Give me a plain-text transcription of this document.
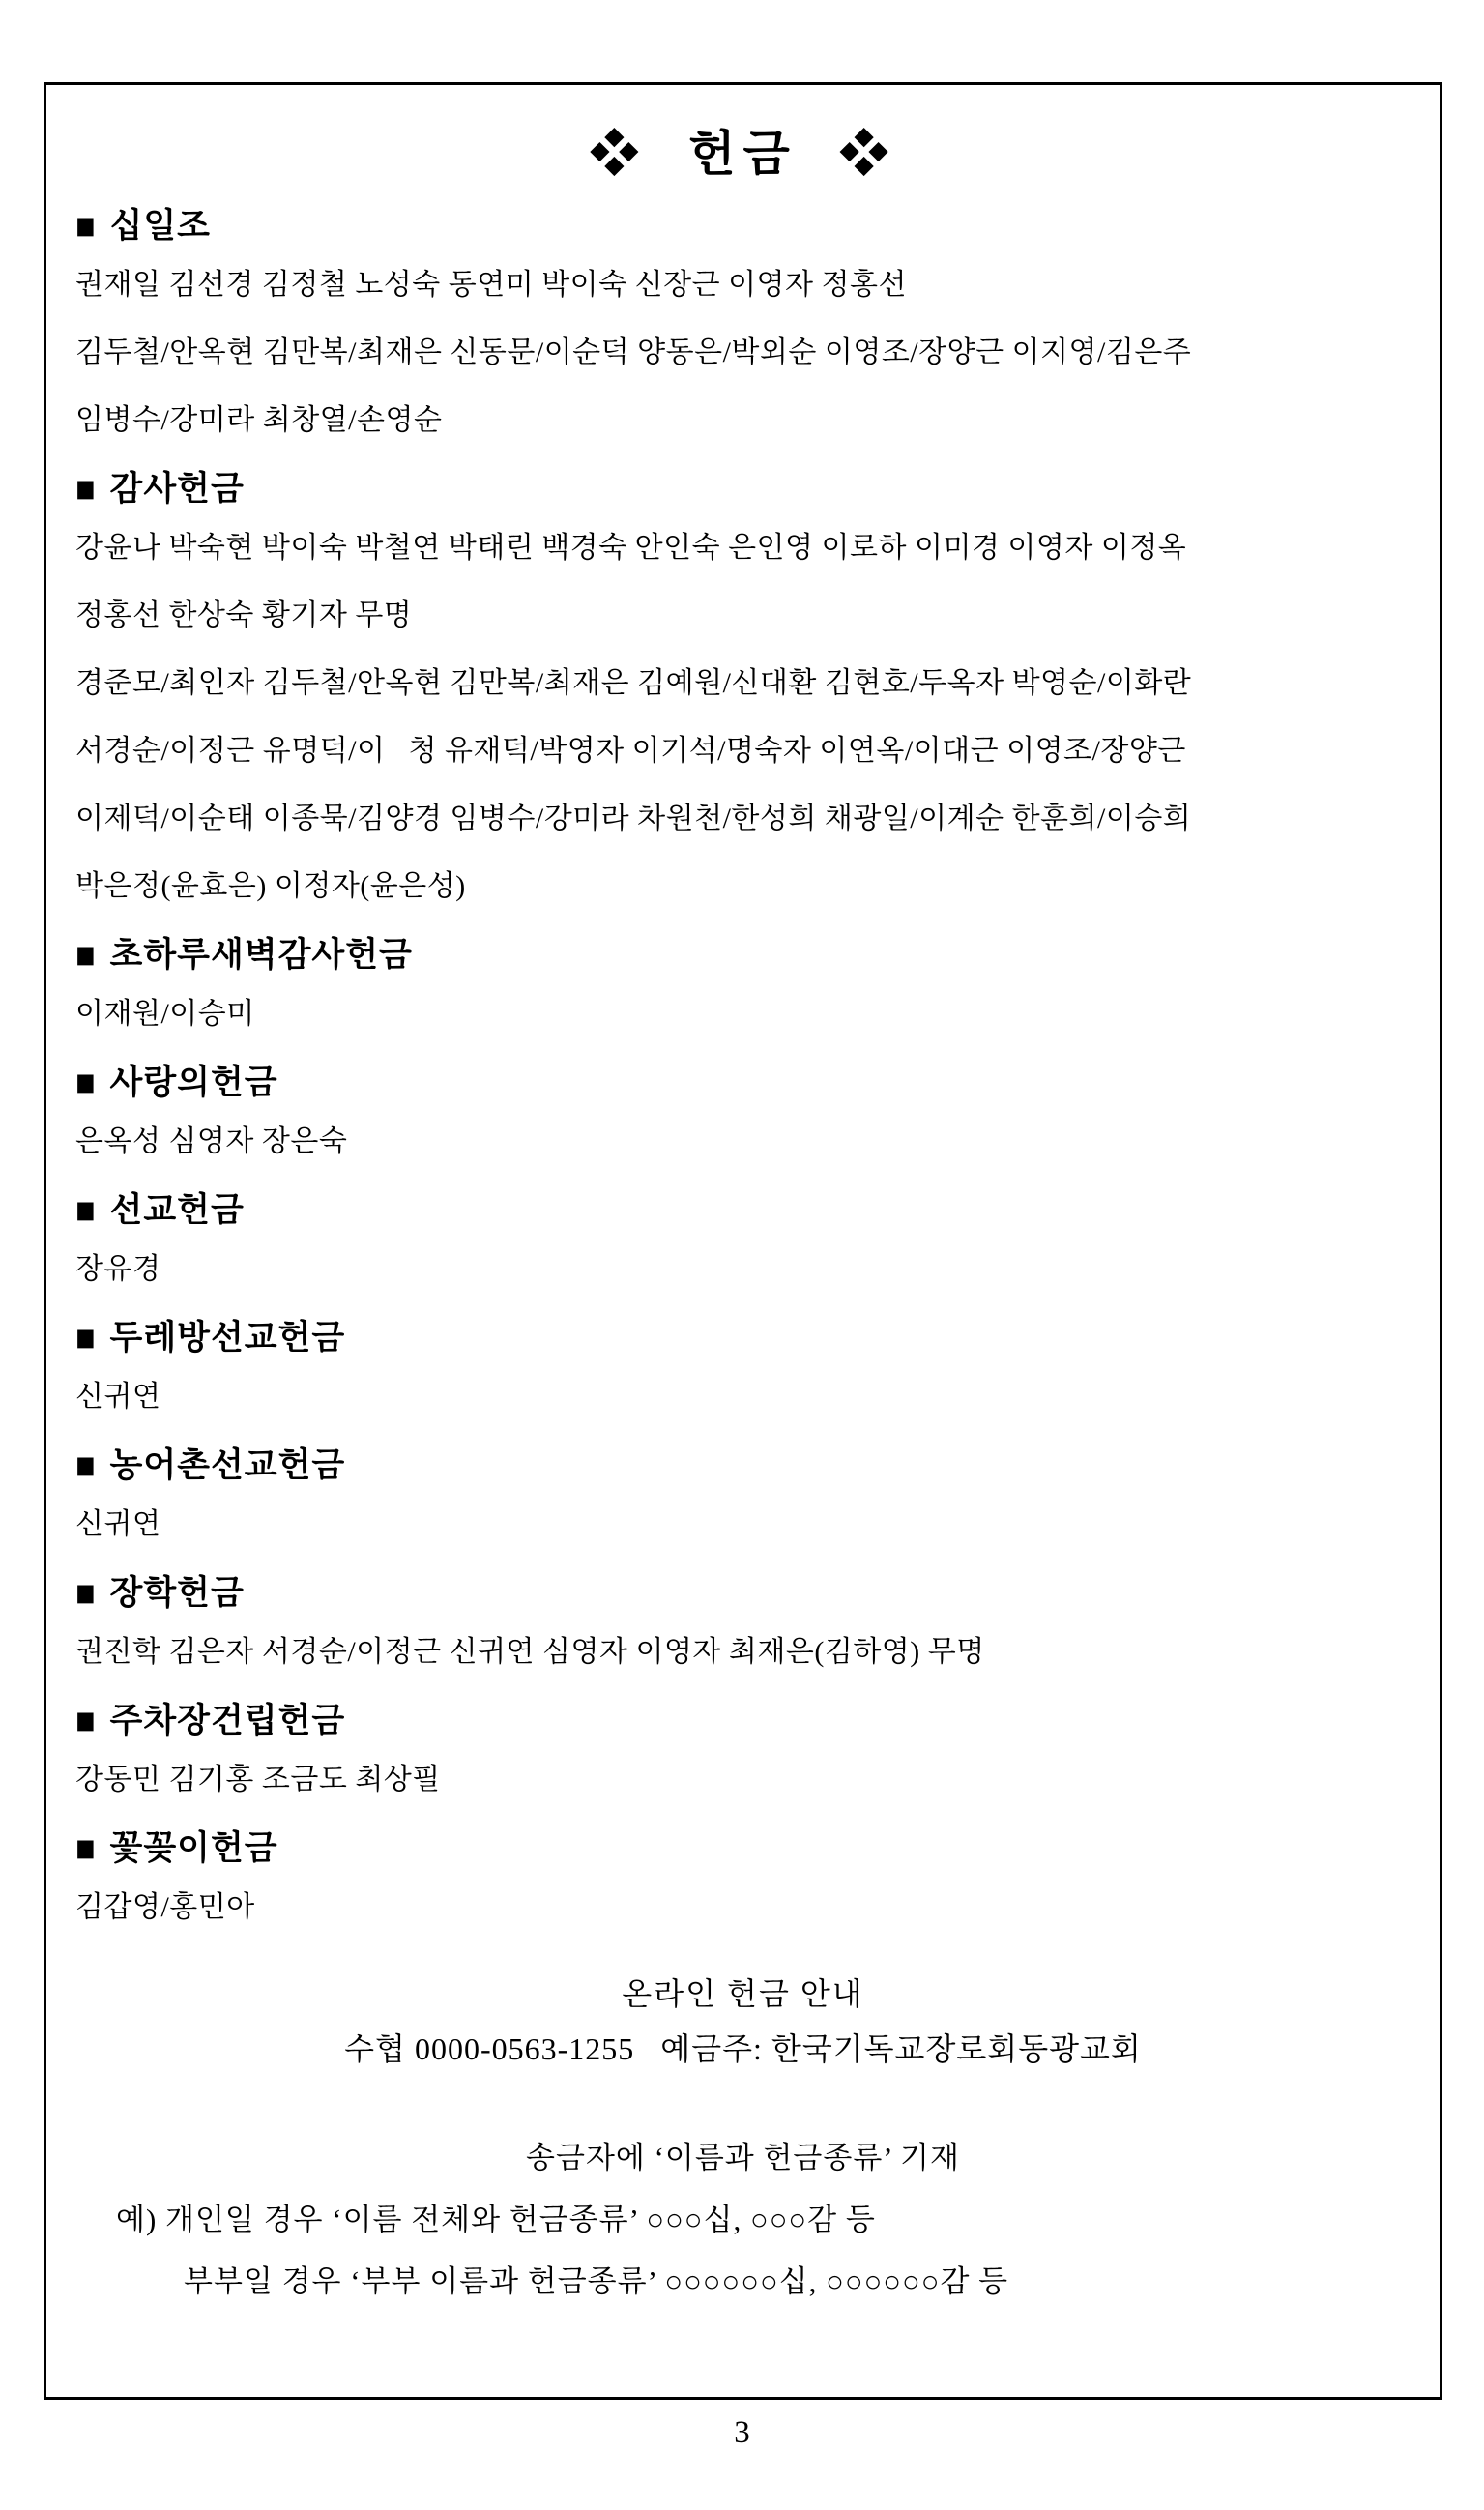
❖  헌금  ❖
■ 십일조

권재일 김선경 김정철 노성숙 동연미 박이숙 신장근 이영자 정홍선

김두철/안옥현 김만복/최재은 신동문/이순덕 양동은/박외순 이영조/장양근 이지영/김은주

임병수/강미라 최창열/손영순

■ 감사헌금

강윤나 박숙현 박이숙 박철연 박태린 백경숙 안인숙 은인영 이로하 이미경 이영자 이정옥

정홍선 한상숙 황기자 무명

경준모/최인자 김두철/안옥현 김만복/최재은 김예원/신대환 김현호/두옥자 박영순/이화란

서경순/이정근 유명덕/이   청 유재덕/박영자 이기석/명숙자 이연옥/이대근 이영조/장양근

이제덕/이순태 이종묵/김양경 임병수/강미라 차원천/한성희 채광일/이계순 한훈희/이승희

박은정(윤효은) 이정자(윤은성)

■ 초하루새벽감사헌금

이재원/이승미

■ 사랑의헌금

은옥성 심영자 장은숙

■ 선교헌금

장유경

■ 두레방선교헌금

신귀연

■ 농어촌선교헌금

신귀연

■ 장학헌금

권진학 김은자 서경순/이정근 신귀연 심영자 이영자 최재은(김하영) 무명

■ 주차장건립헌금

강동민 김기홍 조금도 최상필

■ 꽃꽂이헌금

김갑영/홍민아

온라인 헌금 안내

수협 0000-0563-1255   예금주: 한국기독교장로회동광교회

송금자에 ‘이름과 헌금종류’ 기재

예) 개인일 경우 ‘이름 전체와 헌금종류’ ○○○십, ○○○감 등

부부일 경우 ‘부부 이름과 헌금종류’ ○○○○○○십, ○○○○○○감 등

3
